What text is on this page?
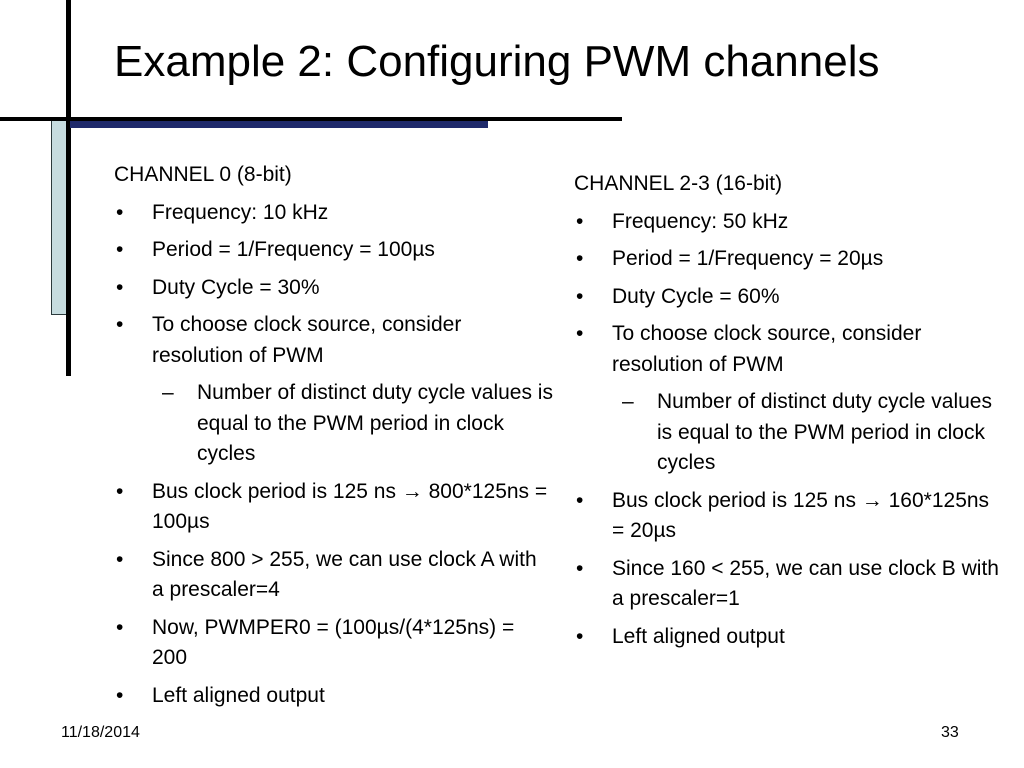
Example 2: Configuring PWM channels
CHANNEL 0 (8-bit)
• Frequency: 10 kHz
• Period = 1/Frequency = 100µs
• Duty Cycle = 30%
• To choose clock source, consider resolution of PWM
– Number of distinct duty cycle values is equal to the PWM period in clock cycles
• Bus clock period is 125 ns → 800*125ns = 100µs
• Since 800 > 255, we can use clock A with a prescaler=4
• Now, PWMPER0 = (100µs/(4*125ns) = 200
• Left aligned output
CHANNEL 2-3 (16-bit)
• Frequency: 50 kHz
• Period = 1/Frequency = 20µs
• Duty Cycle = 60%
• To choose clock source, consider resolution of PWM
– Number of distinct duty cycle values is equal to the PWM period in clock cycles
• Bus clock period is 125 ns → 160*125ns = 20µs
• Since 160 < 255, we can use clock B with a prescaler=1
• Left aligned output
11/18/2014	33
